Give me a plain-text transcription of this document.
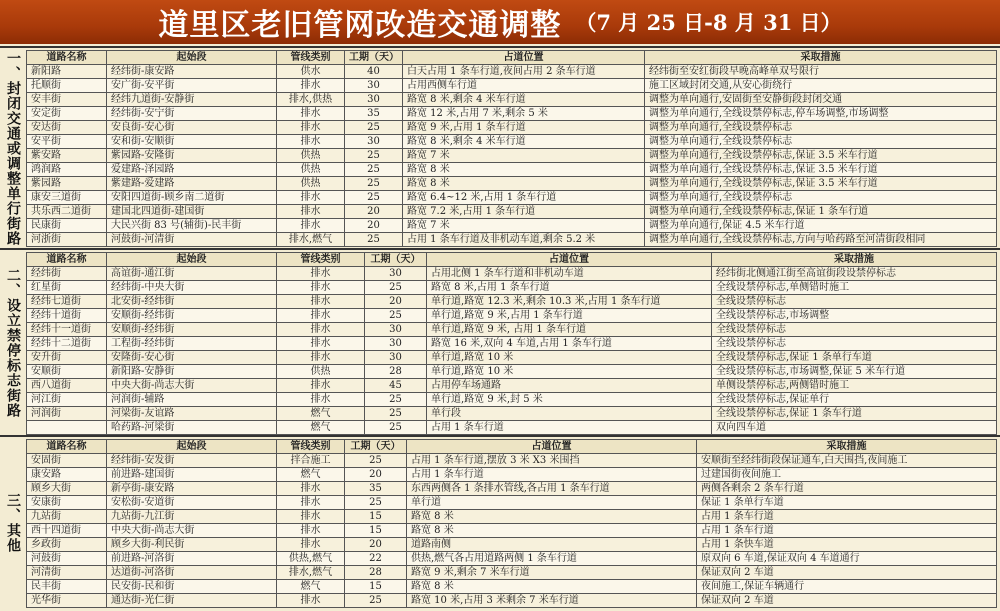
道里区老旧管网改造交通调整 （7 月 25 日-8 月 31 日）
一、封闭交通或调整单行街路	道路名称	起始段	管线类别	工期（天）	占道位置	采取措施
新阳路	经纬街-康安路	供水	40	白天占用 1 条车行道,夜间占用 2 条车行道	经纬街至安红街段早晚高峰单双号限行
托顺街	安广街-安平街	排水	30	占用西侧车行道	施工区域封闭交通,从安心街绕行
安丰街	经纬九道街-安静街	排水,供热	30	路宽 8 米,剩余 4 米车行道	调整为单向通行,安固街至安静街段封闭交通
安定街	经纬街-安宁街	排水	35	路宽 12 米,占用 7 米,剩余 5 米	调整为单向通行,全线设禁停标志,停车场调整,市场调整
安达街	安良街-安心街	排水	25	路宽 9 米,占用 1 条车行道	调整为单向通行,全线设禁停标志
安平街	安和街-安顺街	排水	30	路宽 8 米,剩余 4 米车行道	调整为单向通行,全线设禁停标志
紫安路	紫园路-安隆街	供热	25	路宽 7 米	调整为单向通行,全线设禁停标志,保证 3.5 米车行道
鸿润路	爱建路-泽园路	供热	25	路宽 8 米	调整为单向通行,全线设禁停标志,保证 3.5 米车行道
紫园路	紫建路-爱建路	供热	25	路宽 8 米	调整为单向通行,全线设禁停标志,保证 3.5 米车行道
康安三道街	安阳四道街-顾乡南二道街	排水	25	路宽 6.4~12 米,占用 1 条车行道	调整为单向通行,全线设禁停标志
共乐西二道街	建国北四道街-建国街	排水	20	路宽 7.2 米,占用 1 条车行道	调整为单向通行,全线设禁停标志,保证 1 条车行道
民康街	大民兴街 83 号(辅街)-民丰街	排水	20	路宽 7 米	调整为单向通行,保证 4.5 米车行道
河浙街	河鼓街-河清街	排水,燃气	25	占用 1 条车行道及非机动车道,剩余 5.2 米	调整为单向通行,全线设禁停标志,方向与哈药路至河清街段相同
二、设立禁停标志街路
道路名称	起始段	管线类别	工期（天）	占道位置	采取措施
经纬街	高谊街-通江街	排水	30	占用北侧 1 条车行道和非机动车道	经纬街北侧通江街至高谊街段设禁停标志
红星街	经纬街-中央大街	排水	25	路宽 8 米,占用 1 条车行道	全线设禁停标志,单侧错时施工
经纬七道街	北安街-经纬街	排水	20	单行道,路宽 12.3 米,剩余 10.3 米,占用 1 条车行道	全线设禁停标志
经纬十道街	安顺街-经纬街	排水	25	单行道,路宽 9 米,占用 1 条车行道	全线设禁停标志,市场调整
经纬十一道街	安顺街-经纬街	排水	30	单行道,路宽 9 米, 占用 1 条车行道	全线设禁停标志
经纬十二道街	工程街-经纬街	排水	30	路宽 16 米,双向 4 车道,占用 1 条车行道	全线设禁停标志
安升街	安隆街-安心街	排水	30	单行道,路宽 10 米	全线设禁停标志,保证 1 条单行车道
安顺街	新阳路-安静街	供热	28	单行道,路宽 10 米	全线设禁停标志,市场调整,保证 5 米车行道
西八道街	中央大街-尚志大街	排水	45	占用停车场通路	单侧设禁停标志,两侧错时施工
河江街	河润街-辅路	排水	25	单行道,路宽 9 米,封 5 米	全线设禁停标志,保证单行
河润街	河梁街-友谊路	燃气	25	单行段	全线设禁停标志,保证 1 条车行道
	哈药路-河梁街	燃气	25	占用 1 条车行道	双向四车道
三、其他
道路名称	起始段	管线类别	工期（天）	占道位置	采取措施
安固街	经纬街-安发街	拌合施工	25	占用 1 条车行道,摆放 3 米 X3 米围挡	安顺街至经纬街段保证通车,白天围挡,夜间施工
康安路	前进路-建国街	燃气	20	占用 1 条车行道	过建国街夜间施工
顾乡大街	新亭街-康安路	排水	35	东西两侧各 1 条排水管线,各占用 1 条车行道	两侧各剩余 2 条车行道
安康街	安松街-安道街	排水	25	单行道	保证 1 条单行车道
九站街	九站街-九江街	排水	15	路宽 8 米	占用 1 条车行道
西十四道街	中央大街-尚志大街	排水	15	路宽 8 米	占用 1 条车行道
乡政街	顾乡大街-利民街	排水	20	道路南侧	占用 1 条快车道
河鼓街	前进路-河洛街	供热,燃气	22	供热,燃气各占用道路两侧 1 条车行道	原双向 6 车道,保证双向 4 车道通行
河清街	达道街-河洛街	排水,燃气	28	路宽 9 米,剩余 7 米车行道	保证双向 2 车道
民丰街	民安街-民和街	燃气	15	路宽 8 米	夜间施工,保证车辆通行
光华街	通达街-光仁街	排水	25	路宽 10 米,占用 3 米剩余 7 米车行道	保证双向 2 车道
